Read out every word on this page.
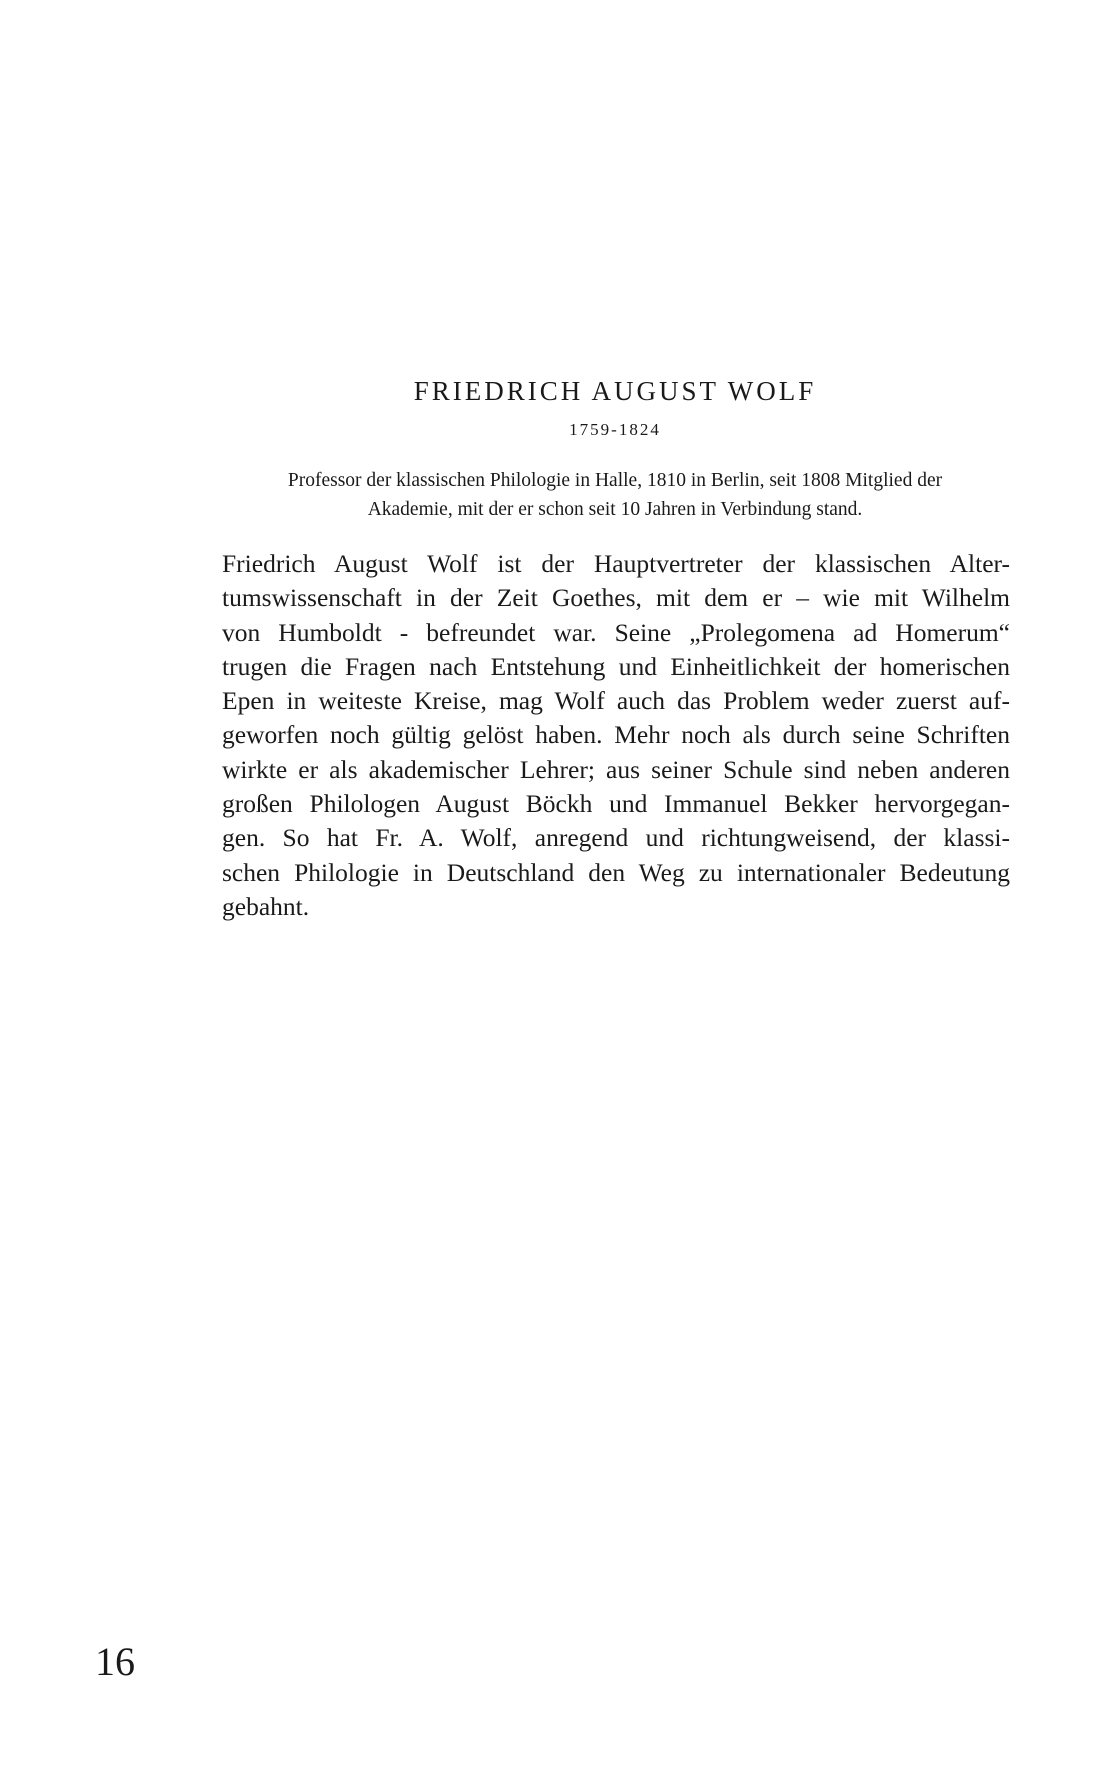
FRIEDRICH AUGUST WOLF
1759-1824
Professor der klassischen Philologie in Halle, 1810 in Berlin, seit 1808 Mitglied der
Akademie, mit der er schon seit 10 Jahren in Verbindung stand.
Friedrich August Wolf ist der Hauptvertreter der klassischen Alter-
tumswissenschaft in der Zeit Goethes, mit dem er – wie mit Wilhelm
von Humboldt - befreundet war. Seine „Prolegomena ad Homerum“
trugen die Fragen nach Entstehung und Einheitlichkeit der homerischen
Epen in weiteste Kreise, mag Wolf auch das Problem weder zuerst auf-
geworfen noch gültig gelöst haben. Mehr noch als durch seine Schriften
wirkte er als akademischer Lehrer; aus seiner Schule sind neben anderen
großen Philologen August Böckh und Immanuel Bekker hervorgegan-
gen. So hat Fr. A. Wolf, anregend und richtungweisend, der klassi-
schen Philologie in Deutschland den Weg zu internationaler Bedeutung
gebahnt.
16
